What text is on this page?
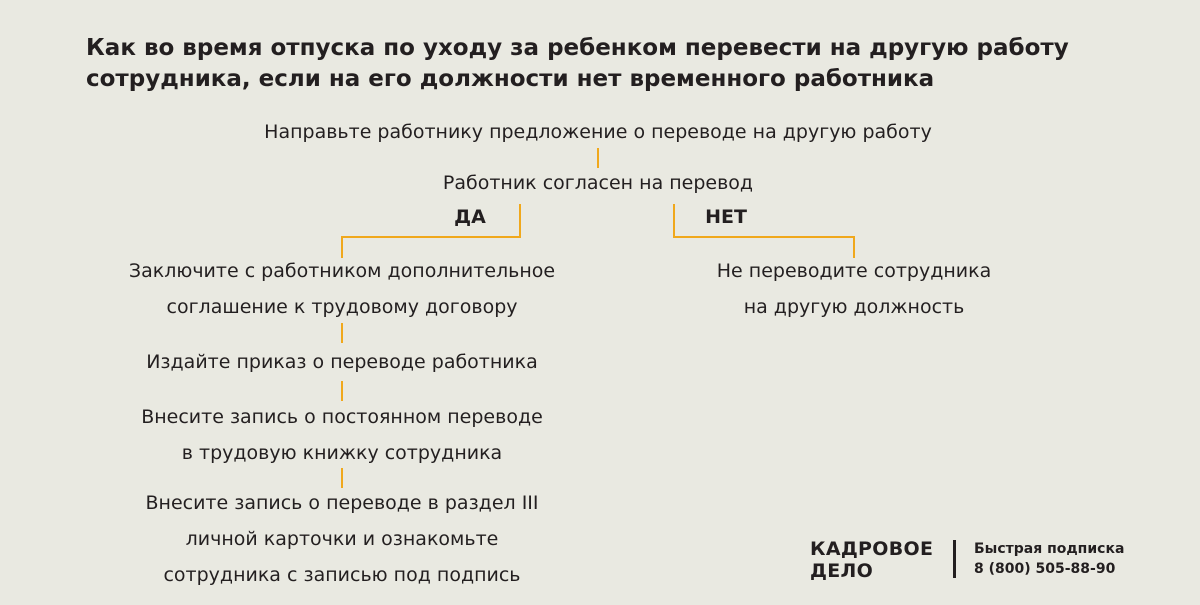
Как во время отпуска по уходу за ребенком перевести на другую работу
сотрудника, если на его должности нет временного работника
Направьте работнику предложение о переводе на другую работу
Работник согласен на перевод
ДА	НЕТ
Заключите с работником дополнительное
соглашение к трудовому договору
Издайте приказ о переводе работника
Внесите запись о постоянном переводе
в трудовую книжку сотрудника
Внесите запись о переводе в раздел III
личной карточки и ознакомьте
сотрудника с записью под подпись
Не переводите сотрудника
на другую должность
КАДРОВОЕ
ДЕЛО
Быстрая подписка
8 (800) 505-88-90
